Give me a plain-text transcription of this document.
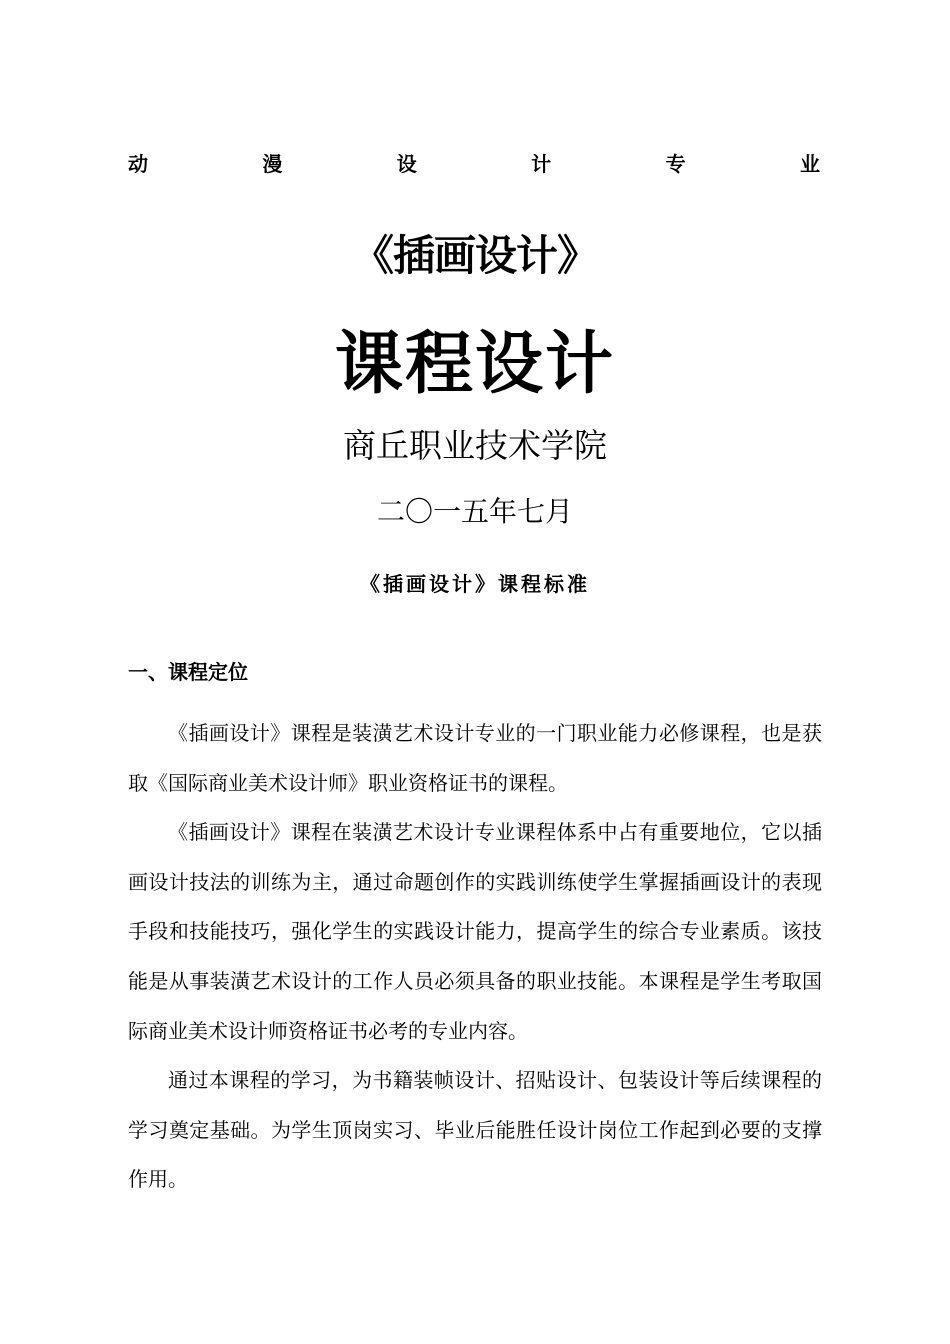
动	漫	设	计	专	业
《插画设计》
课程设计
商丘职业技术学院
二〇一五年七月
《插画设计》课程标准
一、课程定位

《插画设计》课程是装潢艺术设计专业的一门职业能力必修课程，也是获取《国际商业美术设计师》职业资格证书的课程。

《插画设计》课程在装潢艺术设计专业课程体系中占有重要地位，它以插画设计技法的训练为主，通过命题创作的实践训练使学生掌握插画设计的表现手段和技能技巧，强化学生的实践设计能力，提高学生的综合专业素质。该技能是从事装潢艺术设计的工作人员必须具备的职业技能。本课程是学生考取国际商业美术设计师资格证书必考的专业内容。

通过本课程的学习，为书籍装帧设计、招贴设计、包装设计等后续课程的学习奠定基础。为学生顶岗实习、毕业后能胜任设计岗位工作起到必要的支撑作用。
